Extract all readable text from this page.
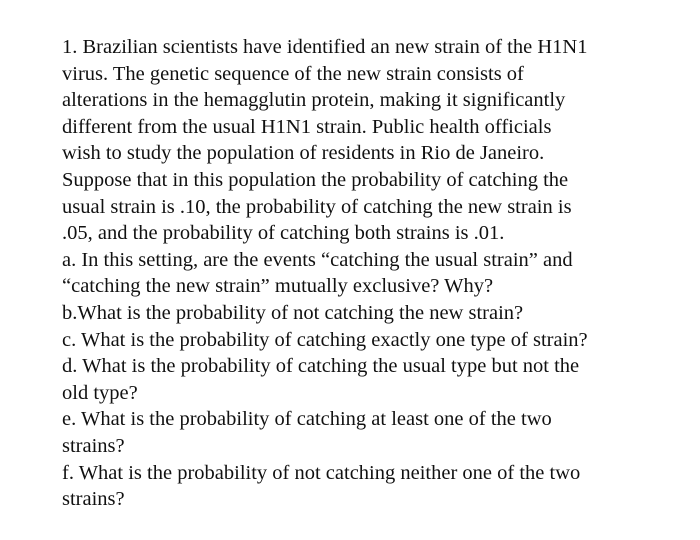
1. Brazilian scientists have identified an new strain of the H1N1
virus. The genetic sequence of the new strain consists of
alterations in the hemagglutin protein, making it significantly
different from the usual H1N1 strain. Public health officials
wish to study the population of residents in Rio de Janeiro.
Suppose that in this population the probability of catching the
usual strain is .10, the probability of catching the new strain is
.05, and the probability of catching both strains is .01.
a. In this setting, are the events “catching the usual strain” and
“catching the new strain” mutually exclusive? Why?
b.What is the probability of not catching the new strain?
c. What is the probability of catching exactly one type of strain?
d. What is the probability of catching the usual type but not the
old type?
e. What is the probability of catching at least one of the two
strains?
f. What is the probability of not catching neither one of the two
strains?
